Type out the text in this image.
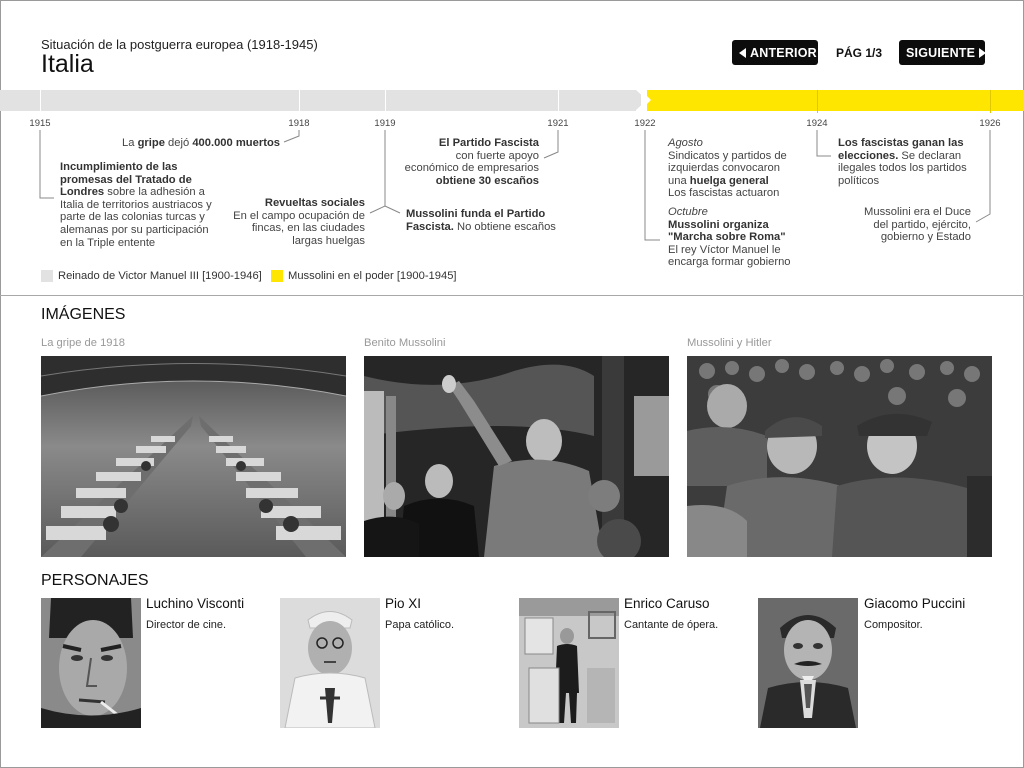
Situación de la postguerra europea (1918-1945)
Italia	ANTERIOR PÁG 1/3 SIGUIENTE
1915	1918	1919	1921	1922	1924	1926
La gripe dejó 400.000 muertos
Incumplimiento de las promesas del Tratado de Londres sobre la adhesión a Italia de territorios austriacos y parte de las colonias turcas y alemanas por su participación en la Triple entente
Revueltas sociales
En el campo ocupación de fincas, en las ciudades largas huelgas
El Partido Fascista
con fuerte apoyo económico de empresarios
obtiene 30 escaños
Mussolini funda el Partido Fascista. No obtiene escaños
Agosto
Sindicatos y partidos de izquierdas convocaron una huelga general
Los fascistas actuaron
Octubre
Mussolini organiza "Marcha sobre Roma"
El rey Víctor Manuel le encarga formar gobierno
Los fascistas ganan las elecciones. Se declaran ilegales todos los partidos políticos
Mussolini era el Duce del partido, ejército, gobierno y Estado
Reinado de Victor Manuel III [1900-1946] Mussolini en el poder [1900-1945]
IMÁGENES
La gripe de 1918	Benito Mussolini	Mussolini y Hitler
PERSONAJES
Luchino Visconti
Director de cine.
Pio XI
Papa católico.
Enrico Caruso
Cantante de ópera.
Giacomo Puccini
Compositor.
